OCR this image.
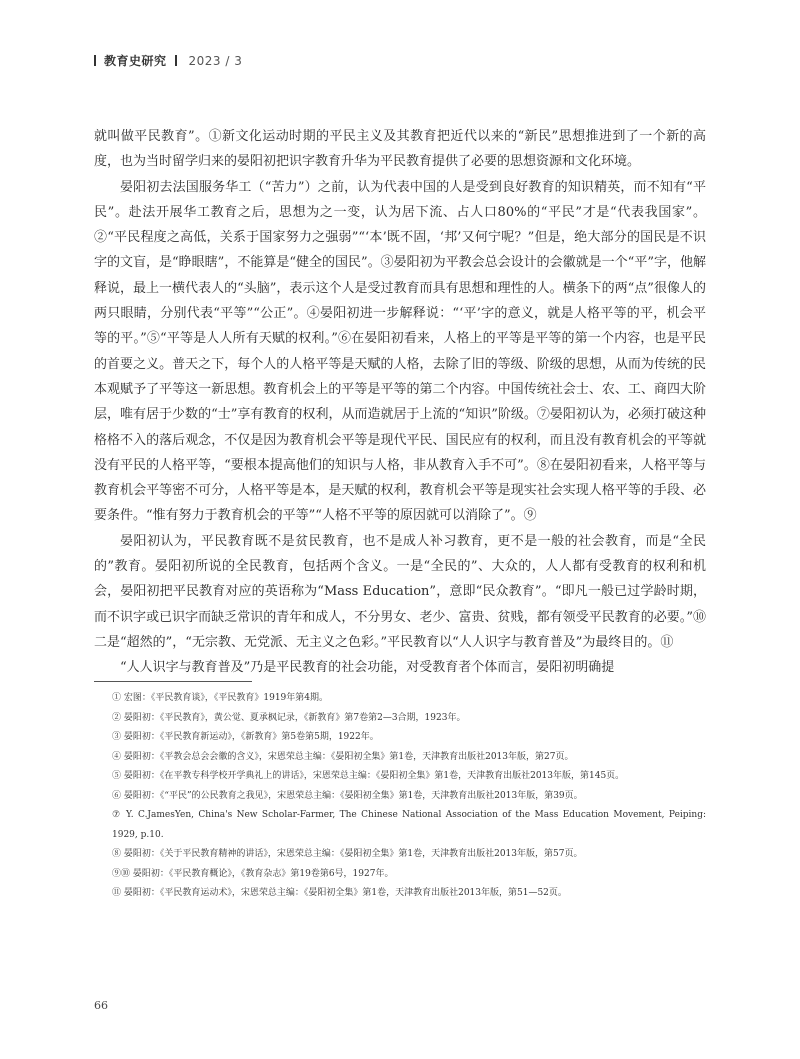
教育史研究 2023 / 3

就叫做平民教育”。①新文化运动时期的平民主义及其教育把近代以来的“新民”思想推进到了一个新的高度，也为当时留学归来的晏阳初把识字教育升华为平民教育提供了必要的思想资源和文化环境。

晏阳初去法国服务华工（“苦力”）之前，认为代表中国的人是受到良好教育的知识精英，而不知有“平民”。赴法开展华工教育之后，思想为之一变，认为居下流、占人口80%的“平民”才是“代表我国家”。②“平民程度之高低，关系于国家努力之强弱”“‘本’既不固，‘邦’又何宁呢？”但是，绝大部分的国民是不识字的文盲，是“睁眼瞎”，不能算是“健全的国民”。③晏阳初为平教会总会设计的会徽就是一个“平”字，他解释说，最上一横代表人的“头脑”，表示这个人是受过教育而具有思想和理性的人。横条下的两“点”很像人的两只眼睛，分别代表“平等”“公正”。④晏阳初进一步解释说：“‘平’字的意义，就是人格平等的平，机会平等的平。”⑤“平等是人人所有天赋的权利。”⑥在晏阳初看来，人格上的平等是平等的第一个内容，也是平民的首要之义。普天之下，每个人的人格平等是天赋的人格，去除了旧的等级、阶级的思想，从而为传统的民本观赋予了平等这一新思想。教育机会上的平等是平等的第二个内容。中国传统社会士、农、工、商四大阶层，唯有居于少数的“士”享有教育的权利，从而造就居于上流的“知识”阶级。⑦晏阳初认为，必须打破这种格格不入的落后观念，不仅是因为教育机会平等是现代平民、国民应有的权利，而且没有教育机会的平等就没有平民的人格平等，“要根本提高他们的知识与人格，非从教育入手不可”。⑧在晏阳初看来，人格平等与教育机会平等密不可分，人格平等是本，是天赋的权利，教育机会平等是现实社会实现人格平等的手段、必要条件。“惟有努力于教育机会的平等”“人格不平等的原因就可以消除了”。⑨

晏阳初认为，平民教育既不是贫民教育，也不是成人补习教育，更不是一般的社会教育，而是“全民的”教育。晏阳初所说的全民教育，包括两个含义。一是“全民的”、大众的，人人都有受教育的权利和机会，晏阳初把平民教育对应的英语称为“Mass Education”，意即“民众教育”。“即凡一般已过学龄时期，而不识字或已识字而缺乏常识的青年和成人，不分男女、老少、富贵、贫贱，都有领受平民教育的必要。”⑩二是“超然的”，“无宗教、无党派、无主义之色彩。”平民教育以“人人识字与教育普及”为最终目的。⑪

“人人识字与教育普及”乃是平民教育的社会功能，对受教育者个体而言，晏阳初明确提

① 宏图：《平民教育谈》，《平民教育》1919年第4期。

② 晏阳初：《平民教育》，黄公觉、夏承枫记录，《新教育》第7卷第2—3合期，1923年。

③ 晏阳初：《平民教育新运动》，《新教育》第5卷第5期，1922年。

④ 晏阳初：《平教会总会会徽的含义》，宋恩荣总主编：《晏阳初全集》第1卷，天津教育出版社2013年版，第27页。

⑤ 晏阳初：《在平教专科学校开学典礼上的讲话》，宋恩荣总主编：《晏阳初全集》第1卷，天津教育出版社2013年版，第145页。

⑥ 晏阳初：《“平民”的公民教育之我见》，宋恩荣总主编：《晏阳初全集》第1卷，天津教育出版社2013年版，第39页。

⑦ Y. C.JamesYen, China's New Scholar-Farmer, The Chinese National Association of the Mass Education Movement, Peiping: 1929, p.10.

⑧ 晏阳初：《关于平民教育精神的讲话》，宋恩荣总主编：《晏阳初全集》第1卷，天津教育出版社2013年版，第57页。

⑨⑩ 晏阳初：《平民教育概论》，《教育杂志》第19卷第6号，1927年。

⑪ 晏阳初：《平民教育运动术》，宋恩荣总主编：《晏阳初全集》第1卷，天津教育出版社2013年版，第51—52页。

66
